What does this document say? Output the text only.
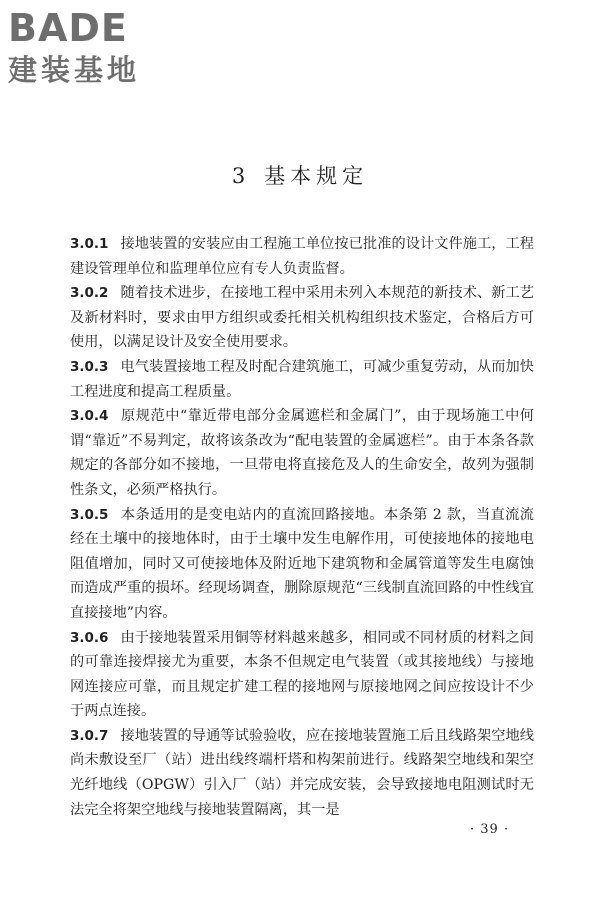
BADE
建装基地
3 基本规定

3.0.1 接地装置的安装应由工程施工单位按已批准的设计文件施工，工程建设管理单位和监理单位应有专人负责监督。

3.0.2 随着技术进步，在接地工程中采用未列入本规范的新技术、新工艺及新材料时，要求由甲方组织或委托相关机构组织技术鉴定，合格后方可使用，以满足设计及安全使用要求。

3.0.3 电气装置接地工程及时配合建筑施工，可减少重复劳动，从而加快工程进度和提高工程质量。

3.0.4 原规范中“靠近带电部分金属遮栏和金属门”，由于现场施工中何谓“靠近”不易判定，故将该条改为“配电装置的金属遮栏”。由于本条各款规定的各部分如不接地，一旦带电将直接危及人的生命安全，故列为强制性条文，必须严格执行。

3.0.5 本条适用的是变电站内的直流回路接地。本条第 2 款，当直流流经在土壤中的接地体时，由于土壤中发生电解作用，可使接地体的接地电阻值增加，同时又可使接地体及附近地下建筑物和金属管道等发生电腐蚀而造成严重的损坏。经现场调查，删除原规范“三线制直流回路的中性线宜直接接地”内容。

3.0.6 由于接地装置采用铜等材料越来越多，相同或不同材质的材料之间的可靠连接焊接尤为重要，本条不但规定电气装置（或其接地线）与接地网连接应可靠，而且规定扩建工程的接地网与原接地网之间应按设计不少于两点连接。

3.0.7 接地装置的导通等试验验收，应在接地装置施工后且线路架空地线尚未敷设至厂（站）进出线终端杆塔和构架前进行。线路架空地线和架空光纤地线（OPGW）引入厂（站）并完成安装，会导致接地电阻测试时无法完全将架空地线与接地装置隔离，其一是

· 39 ·
